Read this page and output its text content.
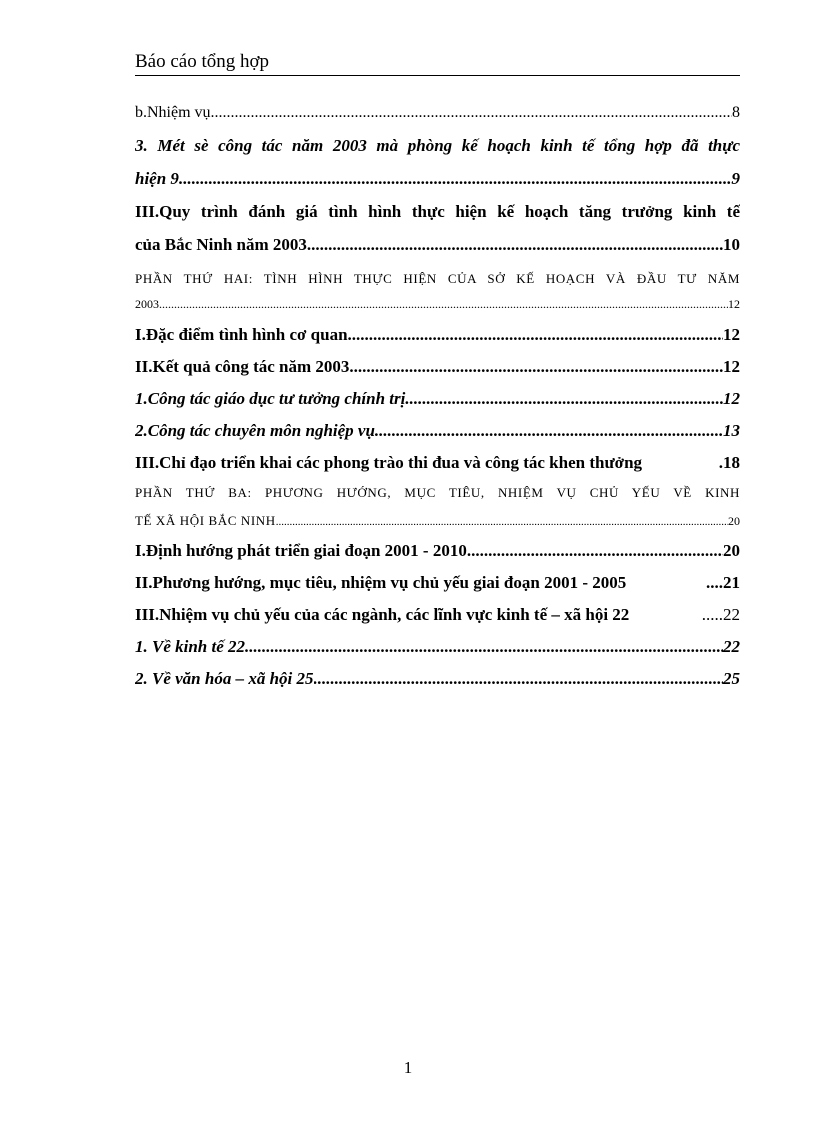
Báo cáo tổng hợp
b.Nhiệm vụ .....	8
3. Mét sè công tác năm 2003 mà phòng kế hoạch kinh tế tổng hợp đã thực
hiện 9 .....	9
III.Quy trình đánh giá tình hình thực hiện kế hoạch tăng trưởng kinh tế
của Bắc Ninh năm 2003 .....	10
PHẦN THỨ HAI: TÌNH HÌNH THỰC HIỆN CỦA SỞ KẾ HOẠCH VÀ ĐẦU TƯ NĂM
2003 .....	12
I.Đặc điểm tình hình cơ quan .....	12
II.Kết quả công tác năm 2003 .....	12
1.Công tác giáo dục tư tưởng chính trị .....	12
2.Công tác chuyên môn nghiệp vụ .....	13
III.Chỉ đạo triển khai các phong trào thi đua và công tác khen thưởng	.18
PHẦN THỨ BA: PHƯƠNG HƯỚNG, MỤC TIÊU, NHIỆM VỤ CHỦ YẾU VỀ KINH
TẾ XÃ HỘI BẮC NINH .....	20
I.Định hướng phát triển giai đoạn 2001 - 2010 .....	20
II.Phương hướng, mục tiêu, nhiệm vụ chủ yếu giai đoạn 2001 - 2005	....21
III.Nhiệm vụ chủ yếu của các ngành, các lĩnh vực kinh tế – xã hội 22	.....22
1. Về kinh tế 22 .....	22
2. Về văn hóa – xã hội 25 .....	25
1
